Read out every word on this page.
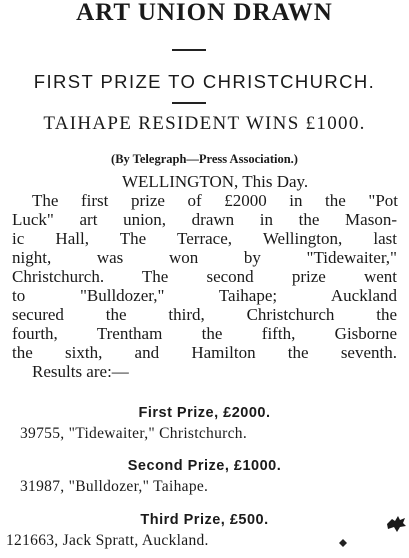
ART UNION DRAWN
FIRST PRIZE TO CHRISTCHURCH.
TAIHAPE RESIDENT WINS £1000.
(By Telegraph—Press Association.)
WELLINGTON, This Day.
The first prize of £2000 in the "Pot
Luck" art union, drawn in the Mason-
ic Hall, The Terrace, Wellington, last
night, was won by "Tidewaiter,"
Christchurch. The second prize went
to "Bulldozer," Taihape; Auckland
secured the third, Christchurch the
fourth, Trentham the fifth, Gisborne
the sixth, and Hamilton the seventh.
Results are:—
First Prize, £2000.
39755, "Tidewaiter," Christchurch.
Second Prize, £1000.
31987, "Bulldozer," Taihape.
Third Prize, £500.
121663, Jack Spratt, Auckland.
